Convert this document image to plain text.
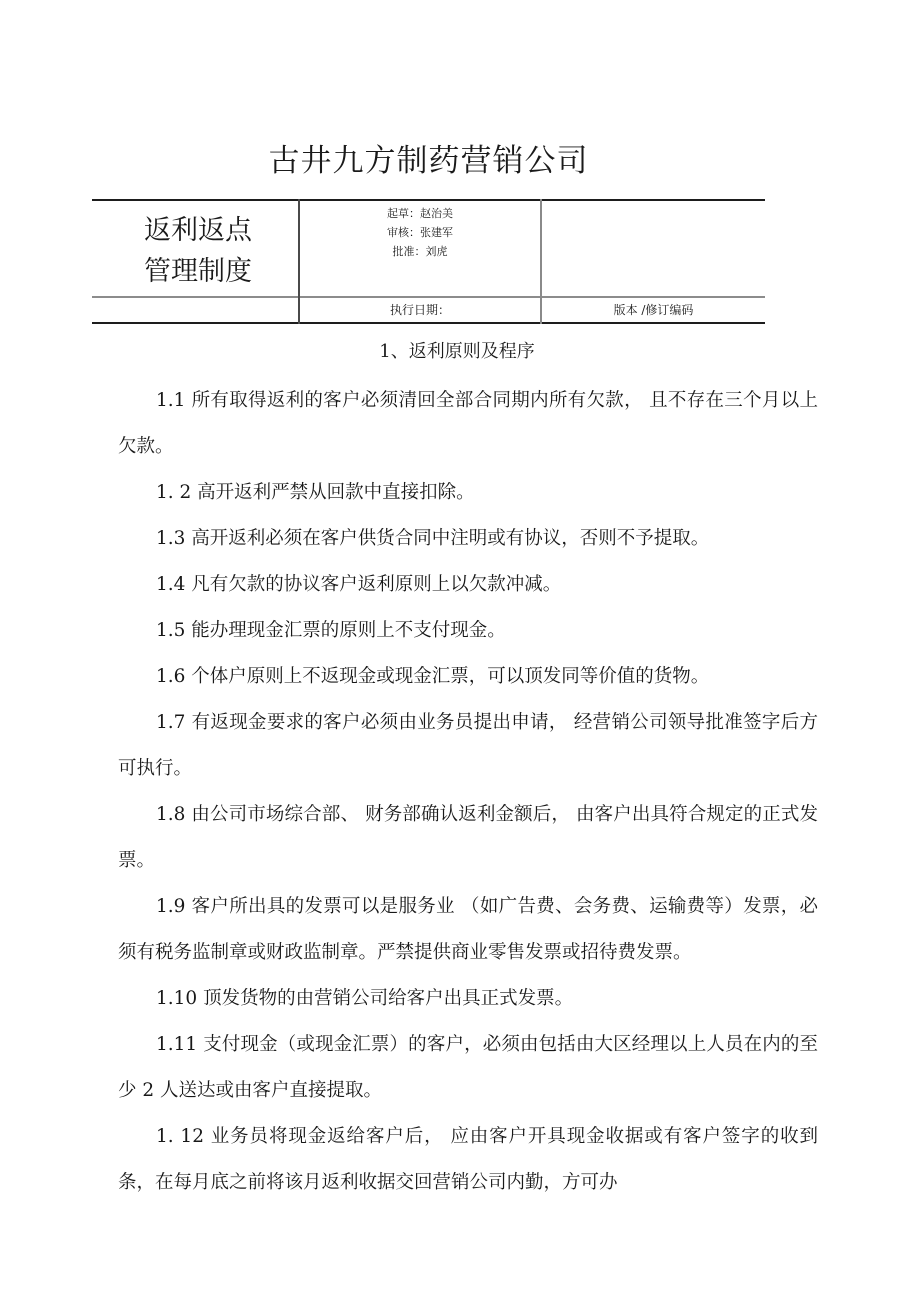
古井九方制药营销公司
返利返点
管理制度
起草：赵治美
审核：张建军
批准：刘虎
执行日期：	版本 /修订编码
1、返利原则及程序

1.1 所有取得返利的客户必须清回全部合同期内所有欠款， 且不存在三个月以上欠款。

1. 2 高开返利严禁从回款中直接扣除。

1.3 高开返利必须在客户供货合同中注明或有协议，否则不予提取。

1.4 凡有欠款的协议客户返利原则上以欠款冲减。

1.5 能办理现金汇票的原则上不支付现金。

1.6 个体户原则上不返现金或现金汇票，可以顶发同等价值的货物。

1.7 有返现金要求的客户必须由业务员提出申请， 经营销公司领导批准签字后方可执行。

1.8 由公司市场综合部、 财务部确认返利金额后， 由客户出具符合规定的正式发票。

1.9 客户所出具的发票可以是服务业 （如广告费、会务费、运输费等）发票，必须有税务监制章或财政监制章。严禁提供商业零售发票或招待费发票。

1.10 顶发货物的由营销公司给客户出具正式发票。

1.11 支付现金（或现金汇票）的客户，必须由包括由大区经理以上人员在内的至少 2 人送达或由客户直接提取。

1. 12 业务员将现金返给客户后， 应由客户开具现金收据或有客户签字的收到条，在每月底之前将该月返利收据交回营销公司内勤，方可办
